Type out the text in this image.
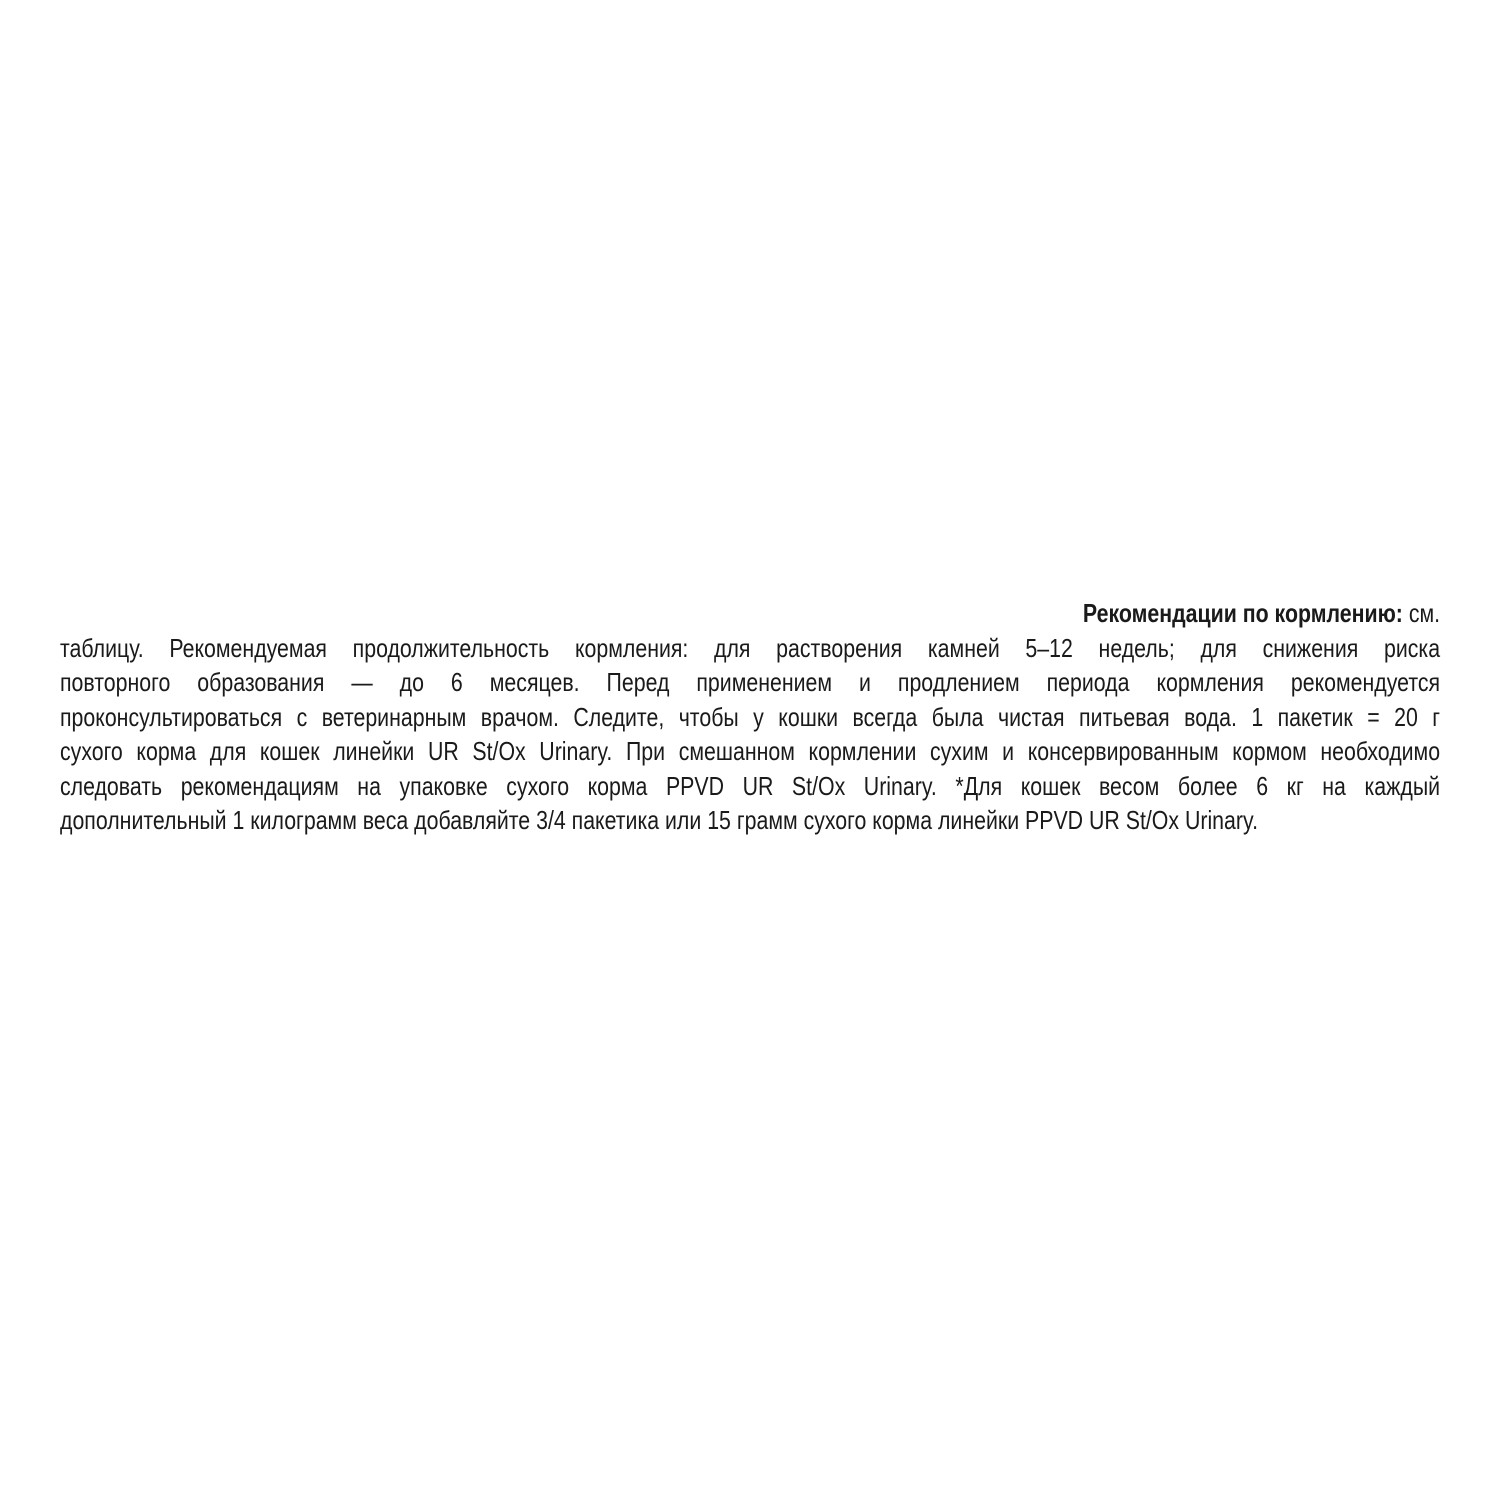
Рекомендации по кормлению: см.
таблицу. Рекомендуемая продолжительность кормления: для растворения камней 5–12 недель; для снижения риска
повторного образования — до 6 месяцев. Перед применением и продлением периода кормления рекомендуется
проконсультироваться с ветеринарным врачом. Следите, чтобы у кошки всегда была чистая питьевая вода. 1 пакетик = 20 г
сухого корма для кошек линейки UR St/Ox Urinary. При смешанном кормлении сухим и консервированным кормом необходимо
следовать рекомендациям на упаковке сухого корма PPVD UR St/Ox Urinary. *Для кошек весом более 6 кг на каждый
дополнительный 1 килограмм веса добавляйте 3/4 пакетика или 15 грамм сухого корма линейки PPVD UR St/Ox Urinary.
